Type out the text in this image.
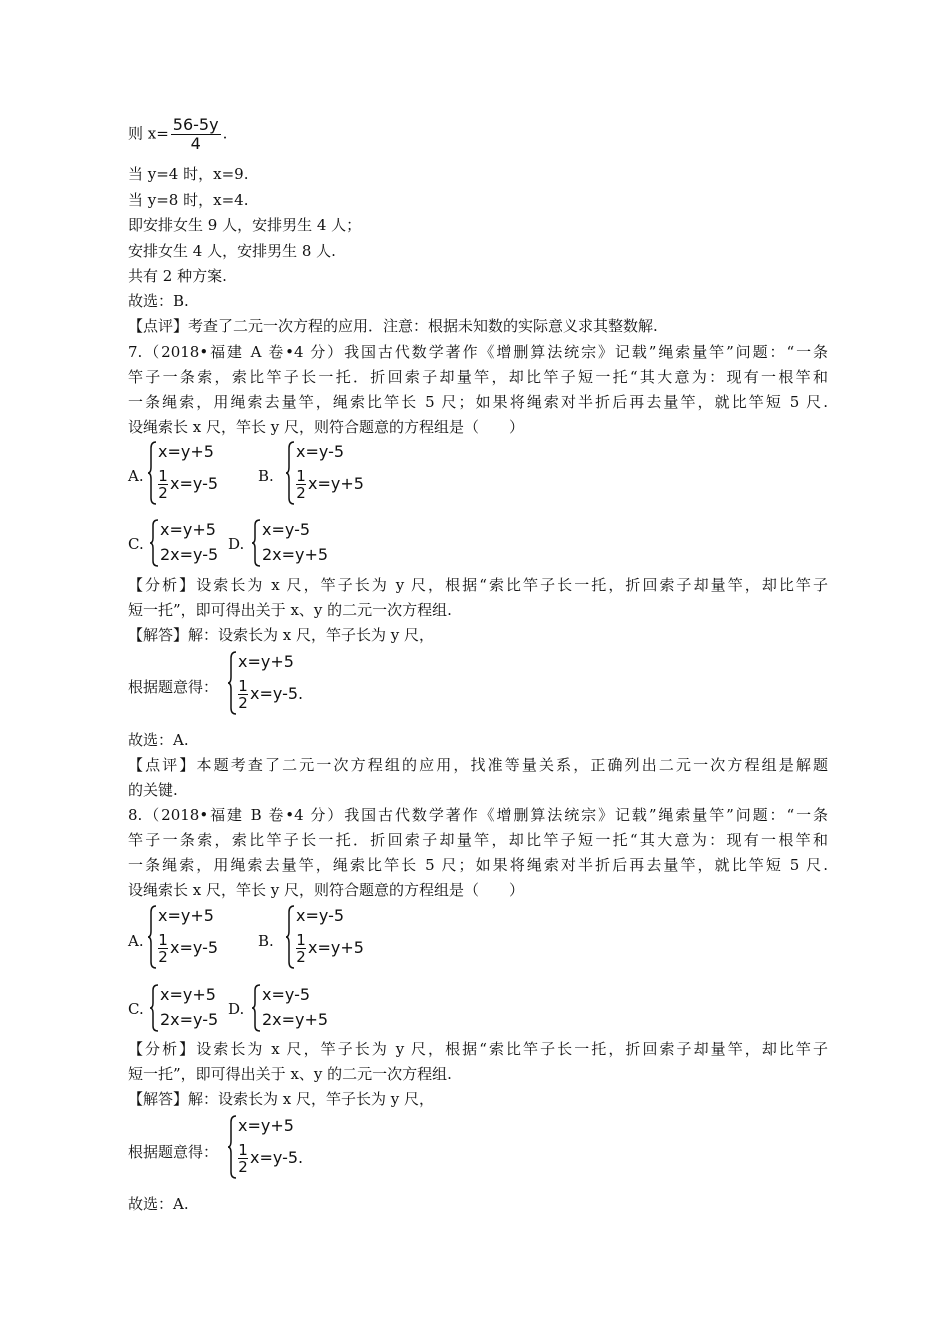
则 $x= \frac{56-5y}{4}$ .
当 y=4 时，x=9.
当 y=8 时，x=4.
即安排女生 9 人，安排男生 4 人；
安排女生 4 人，安排男生 8 人.
共有 2 种方案.
故选：B.
【点评】考查了二元一次方程的应用．注意：根据未知数的实际意义求其整数解.
7.（2018•福建 A 卷•4 分）我国古代数学著作《增删算法统宗》记载”绳索量竿”问题：“一条
竿子一条索，索比竿子长一托．折回索子却量竿，却比竿子短一托“其大意为：现有一根竿和
一条绳索，用绳索去量竿，绳索比竿长 5 尺；如果将绳索对半折后再去量竿，就比竿短 5 尺.
设绳索长 x 尺，竿长 y 尺，则符合题意的方程组是（　　）
A.
x=y+5
$\frac{1}{2} x=y-5$	B.
x=y-5
$\frac{1}{2} x=y+5$
C.
x=y+5
2x=y-5
D.
x=y-5
2x=y+5
【分析】设索长为 x 尺，竿子长为 y 尺，根据“索比竿子长一托，折回索子却量竿，却比竿子
短一托”，即可得出关于 x、y 的二元一次方程组.
【解答】解：设索长为 x 尺，竿子长为 y 尺，
根据题意得：
x=y+5
$\frac{1}{2} x=y-5$.
故选：A.
【点评】本题考查了二元一次方程组的应用，找准等量关系，正确列出二元一次方程组是解题
的关键.
8.（2018•福建 B 卷•4 分）我国古代数学著作《增删算法统宗》记载”绳索量竿”问题：“一条
竿子一条索，索比竿子长一托．折回索子却量竿，却比竿子短一托“其大意为：现有一根竿和
一条绳索，用绳索去量竿，绳索比竿长 5 尺；如果将绳索对半折后再去量竿，就比竿短 5 尺.
设绳索长 x 尺，竿长 y 尺，则符合题意的方程组是（　　）
A.
x=y+5
$\frac{1}{2} x=y-5$	B.
x=y-5
$\frac{1}{2} x=y+5$
C.
x=y+5
2x=y-5
D.
x=y-5
2x=y+5
【分析】设索长为 x 尺，竿子长为 y 尺，根据“索比竿子长一托，折回索子却量竿，却比竿子
短一托”，即可得出关于 x、y 的二元一次方程组.
【解答】解：设索长为 x 尺，竿子长为 y 尺，
根据题意得：
x=y+5
$\frac{1}{2} x=y-5$.
故选：A.
